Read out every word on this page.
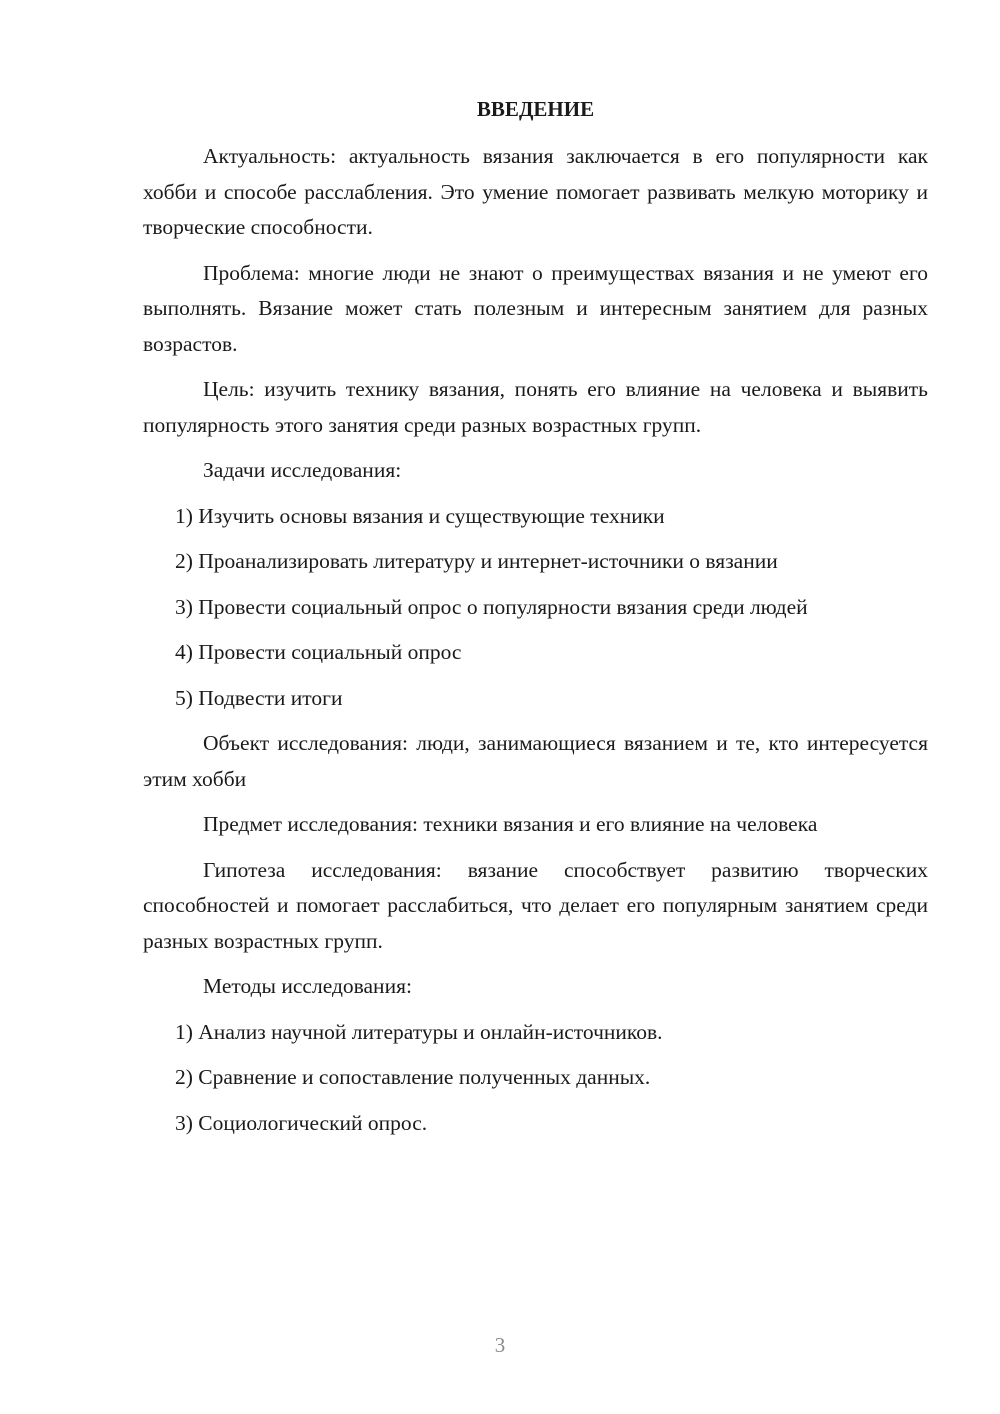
ВВЕДЕНИЕ

Актуальность: актуальность вязания заключается в его популярности как хобби и способе расслабления. Это умение помогает развивать мелкую моторику и творческие способности.

Проблема: многие люди не знают о преимуществах вязания и не умеют его выполнять. Вязание может стать полезным и интересным занятием для разных возрастов.

Цель: изучить технику вязания, понять его влияние на человека и выявить популярность этого занятия среди разных возрастных групп.

Задачи исследования:

1) Изучить основы вязания и существующие техники
2) Проанализировать литературу и интернет-источники о вязании
3) Провести социальный опрос о популярности вязания среди людей
4) Провести социальный опрос
5) Подвести итоги

Объект исследования: люди, занимающиеся вязанием и те, кто интересуется этим хобби

Предмет исследования: техники вязания и его влияние на человека

Гипотеза исследования: вязание способствует развитию творческих способностей и помогает расслабиться, что делает его популярным занятием среди разных возрастных групп.

Методы исследования:

1) Анализ научной литературы и онлайн-источников.
2) Сравнение и сопоставление полученных данных.
3) Социологический опрос.
3
